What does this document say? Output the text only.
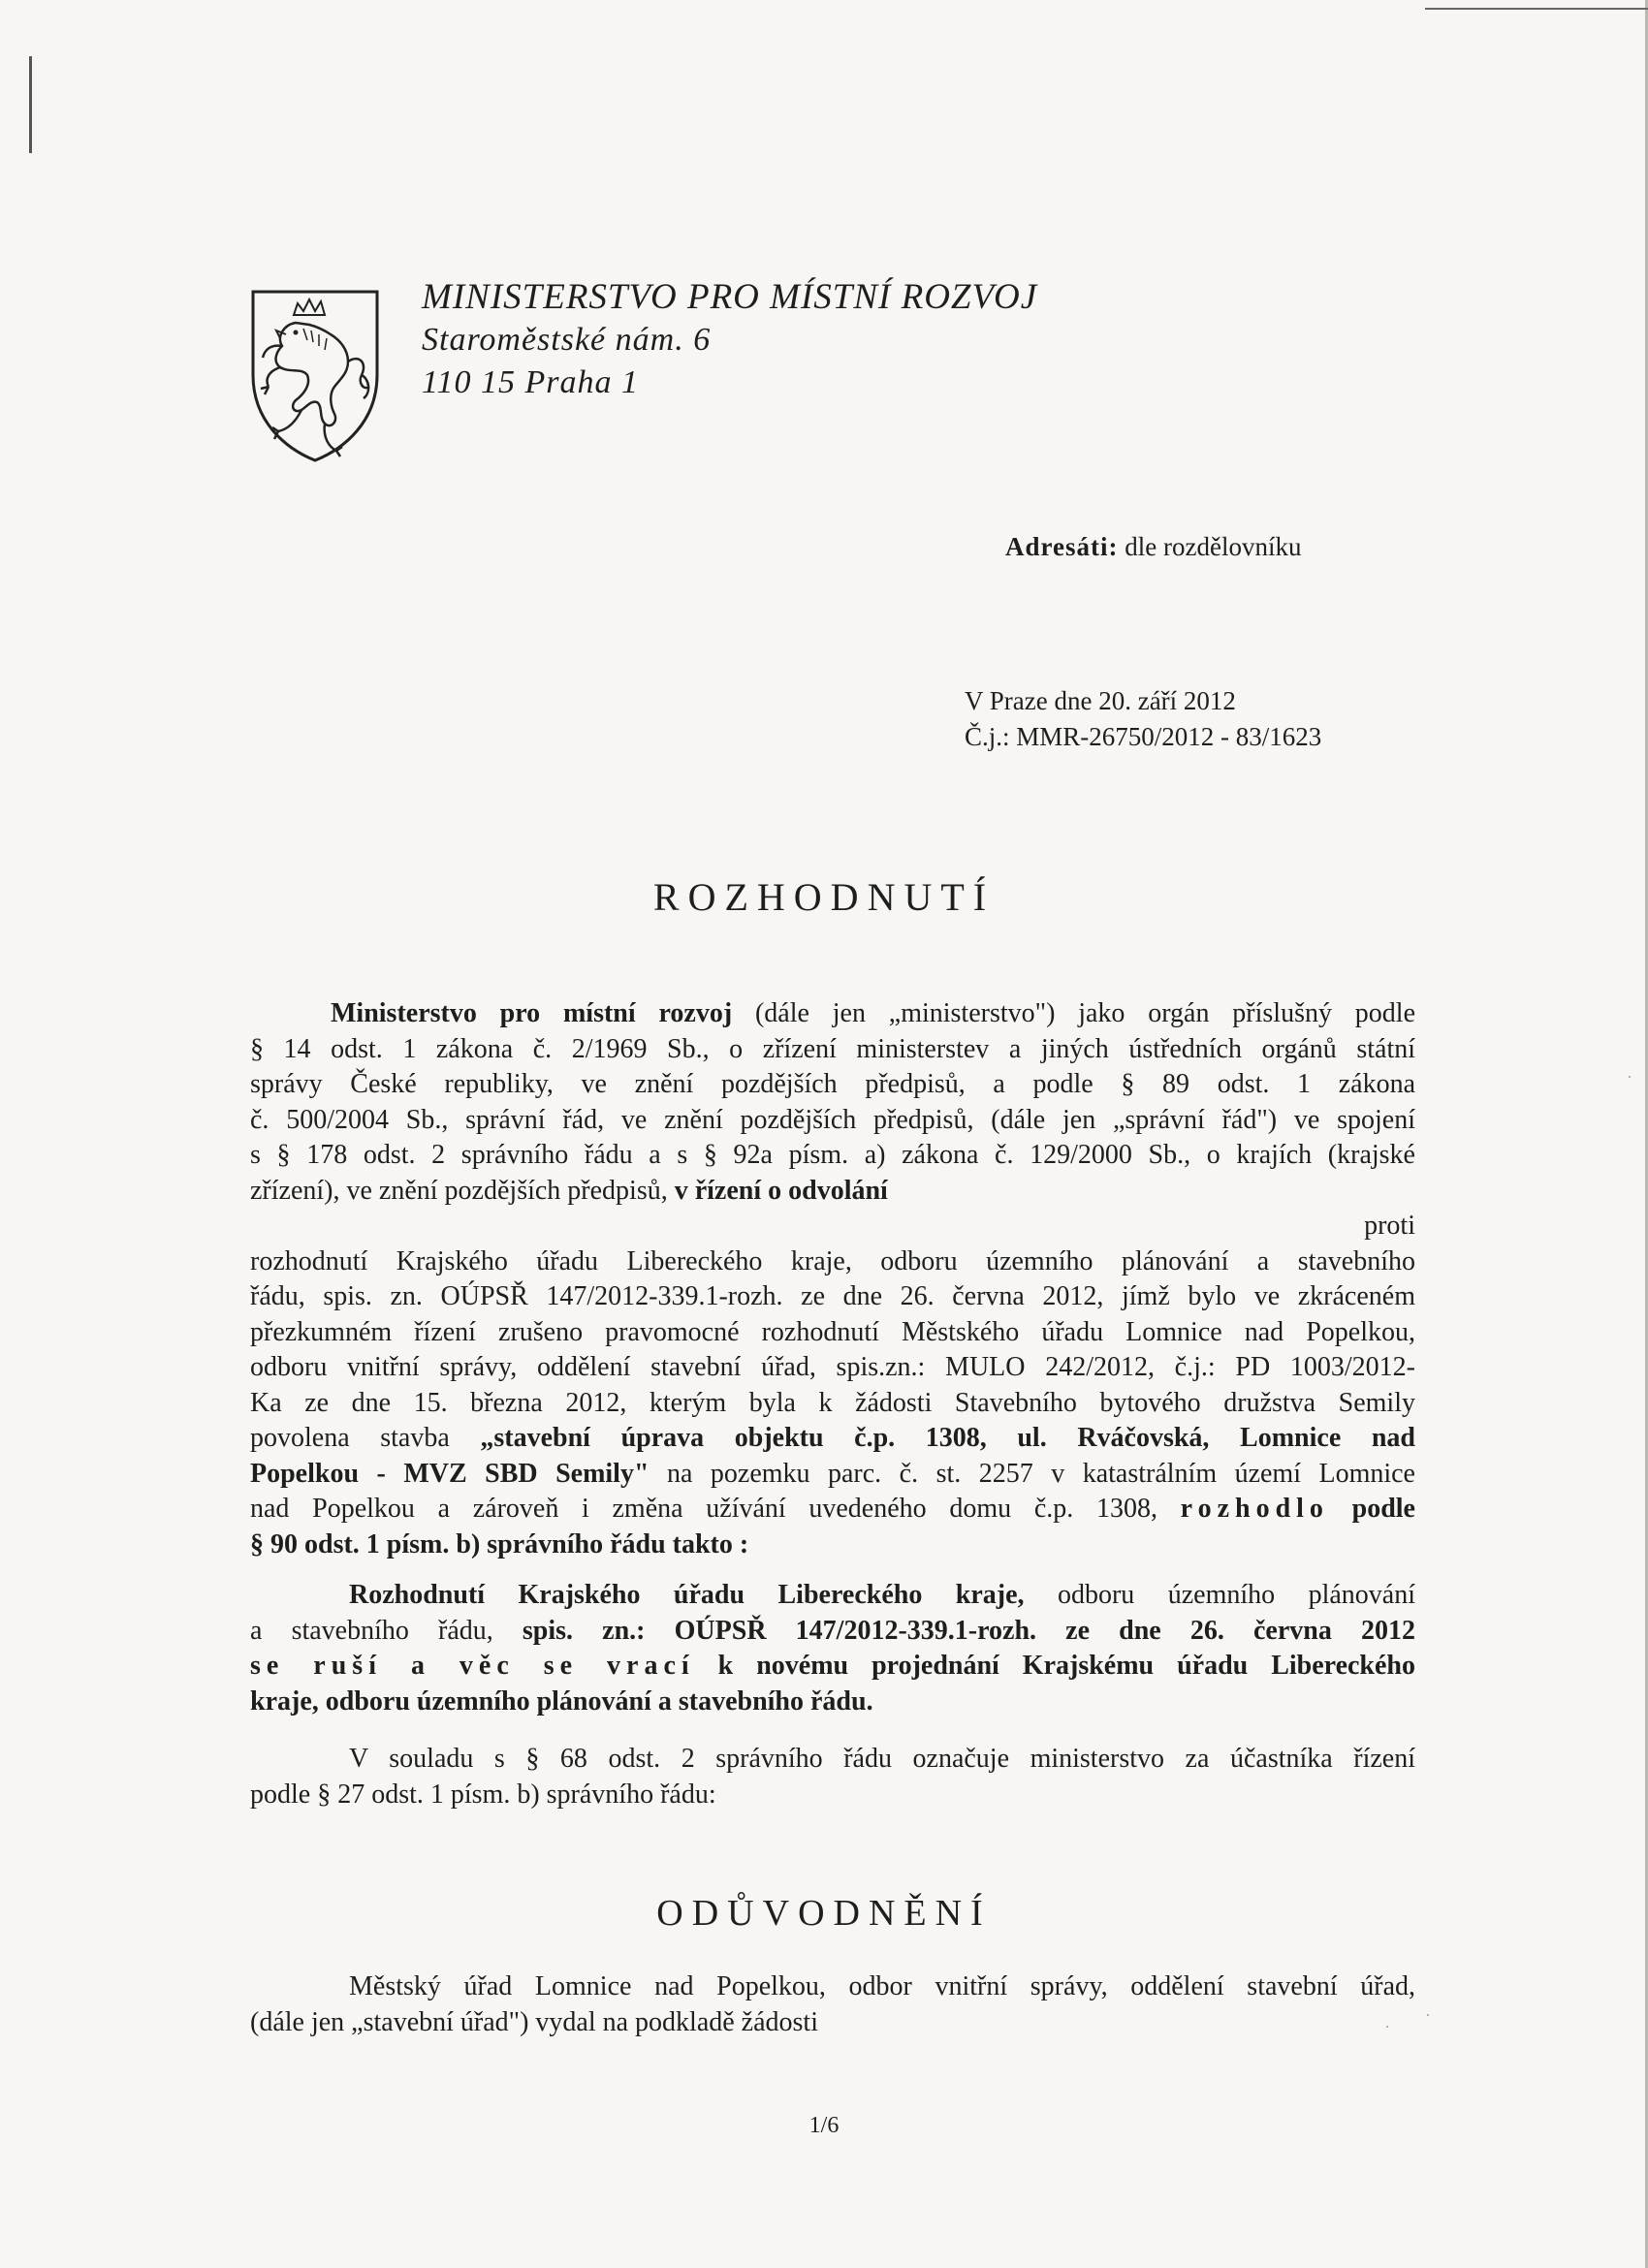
MINISTERSTVO PRO MÍSTNÍ ROZVOJ
Staroměstské nám. 6
110 15 Praha 1
Adresáti: dle rozdělovníku
V Praze dne 20. září 2012
Č.j.: MMR-26750/2012 - 83/1623
ROZHODNUTÍ
Ministerstvo pro místní rozvoj (dále jen „ministerstvo") jako orgán příslušný podle
§ 14 odst. 1 zákona č. 2/1969 Sb., o zřízení ministerstev a jiných ústředních orgánů státní
správy České republiky, ve znění pozdějších předpisů, a podle § 89 odst. 1 zákona
č. 500/2004 Sb., správní řád, ve znění pozdějších předpisů, (dále jen „správní řád") ve spojení
s § 178 odst. 2 správního řádu a s § 92a písm. a) zákona č. 129/2000 Sb., o krajích (krajské
zřízení), ve znění pozdějších předpisů, v řízení o odvolání
proti
rozhodnutí Krajského úřadu Libereckého kraje, odboru územního plánování a stavebního
řádu, spis. zn. OÚPSŘ 147/2012-339.1-rozh. ze dne 26. června 2012, jímž bylo ve zkráceném
přezkumném řízení zrušeno pravomocné rozhodnutí Městského úřadu Lomnice nad Popelkou,
odboru vnitřní správy, oddělení stavební úřad, spis.zn.: MULO 242/2012, č.j.: PD 1003/2012-
Ka ze dne 15. března 2012, kterým byla k žádosti Stavebního bytového družstva Semily
povolena stavba „stavební úprava objektu č.p. 1308, ul. Rváčovská, Lomnice nad
Popelkou - MVZ SBD Semily" na pozemku parc. č. st. 2257 v katastrálním území Lomnice
nad Popelkou a zároveň i změna užívání uvedeného domu č.p. 1308, rozhodlo podle
§ 90 odst. 1 písm. b) správního řádu takto :
Rozhodnutí Krajského úřadu Libereckého kraje, odboru územního plánování
a stavebního řádu, spis. zn.: OÚPSŘ 147/2012-339.1-rozh. ze dne 26. června 2012
se ruší a věc se vrací k novému projednání Krajskému úřadu Libereckého
kraje, odboru územního plánování a stavebního řádu.
V souladu s § 68 odst. 2 správního řádu označuje ministerstvo za účastníka řízení
podle § 27 odst. 1 písm. b) správního řádu:
ODŮVODNĚNÍ
Městský úřad Lomnice nad Popelkou, odbor vnitřní správy, oddělení stavební úřad,
(dále jen „stavební úřad") vydal na podkladě žádosti
1/6
